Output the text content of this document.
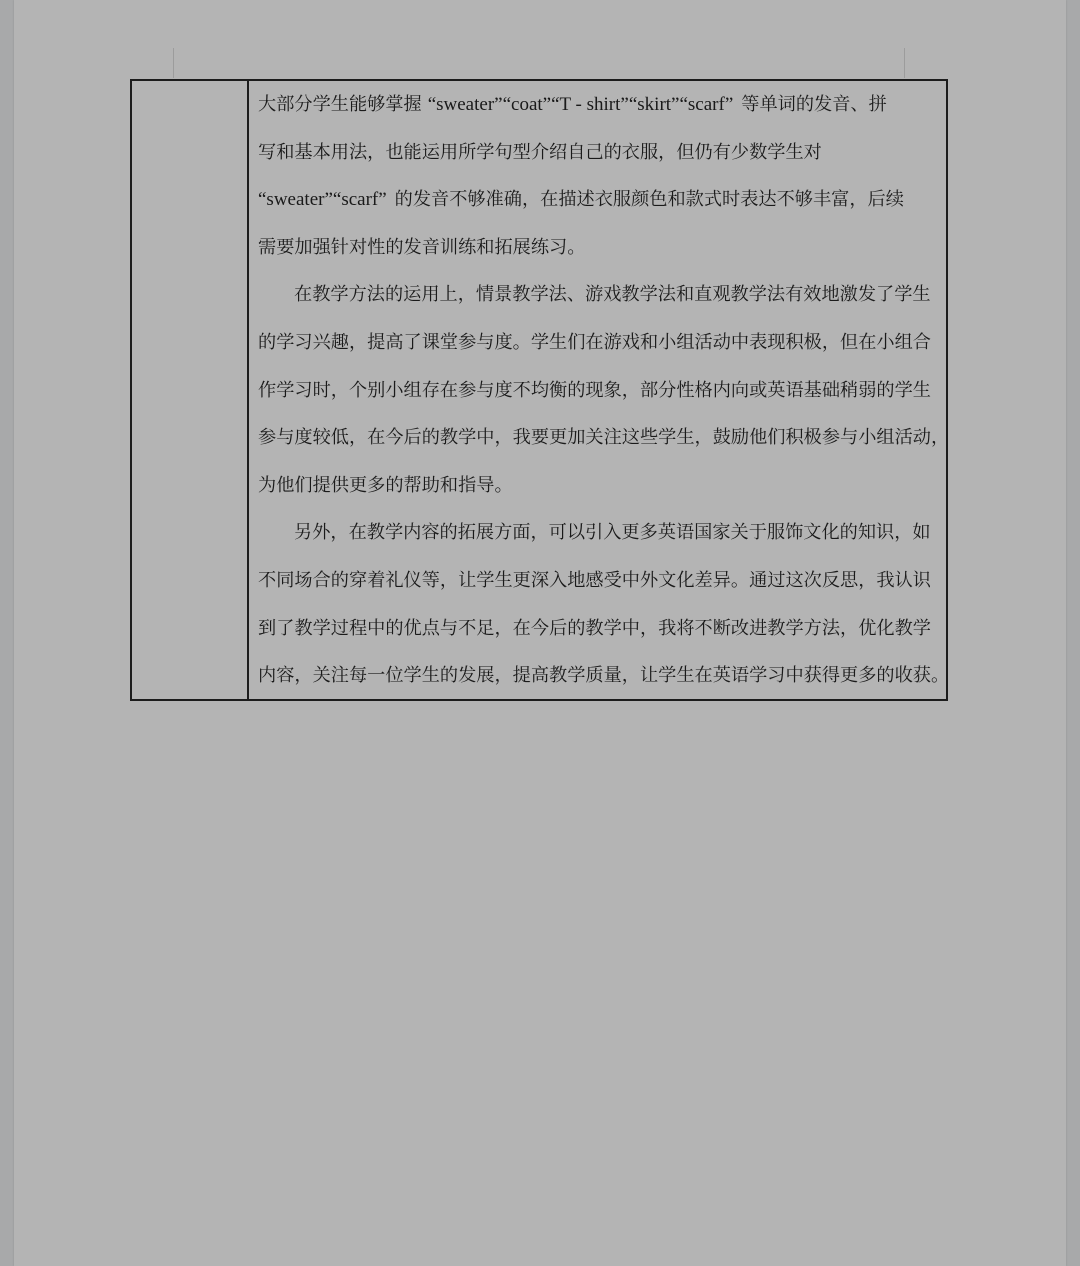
大部分学生能够掌握 “sweater”“coat”“T - shirt”“skirt”“scarf” 等单词的发音、拼
写和基本用法，也能运用所学句型介绍自己的衣服，但仍有少数学生对
“sweater”“scarf” 的发音不够准确，在描述衣服颜色和款式时表达不够丰富，后续
需要加强针对性的发音训练和拓展练习。
在教学方法的运用上，情景教学法、游戏教学法和直观教学法有效地激发了学生
的学习兴趣，提高了课堂参与度。学生们在游戏和小组活动中表现积极，但在小组合
作学习时，个别小组存在参与度不均衡的现象，部分性格内向或英语基础稍弱的学生
参与度较低，在今后的教学中，我要更加关注这些学生，鼓励他们积极参与小组活动，
为他们提供更多的帮助和指导。
另外，在教学内容的拓展方面，可以引入更多英语国家关于服饰文化的知识，如
不同场合的穿着礼仪等，让学生更深入地感受中外文化差异。通过这次反思，我认识
到了教学过程中的优点与不足，在今后的教学中，我将不断改进教学方法，优化教学
内容，关注每一位学生的发展，提高教学质量，让学生在英语学习中获得更多的收获。
